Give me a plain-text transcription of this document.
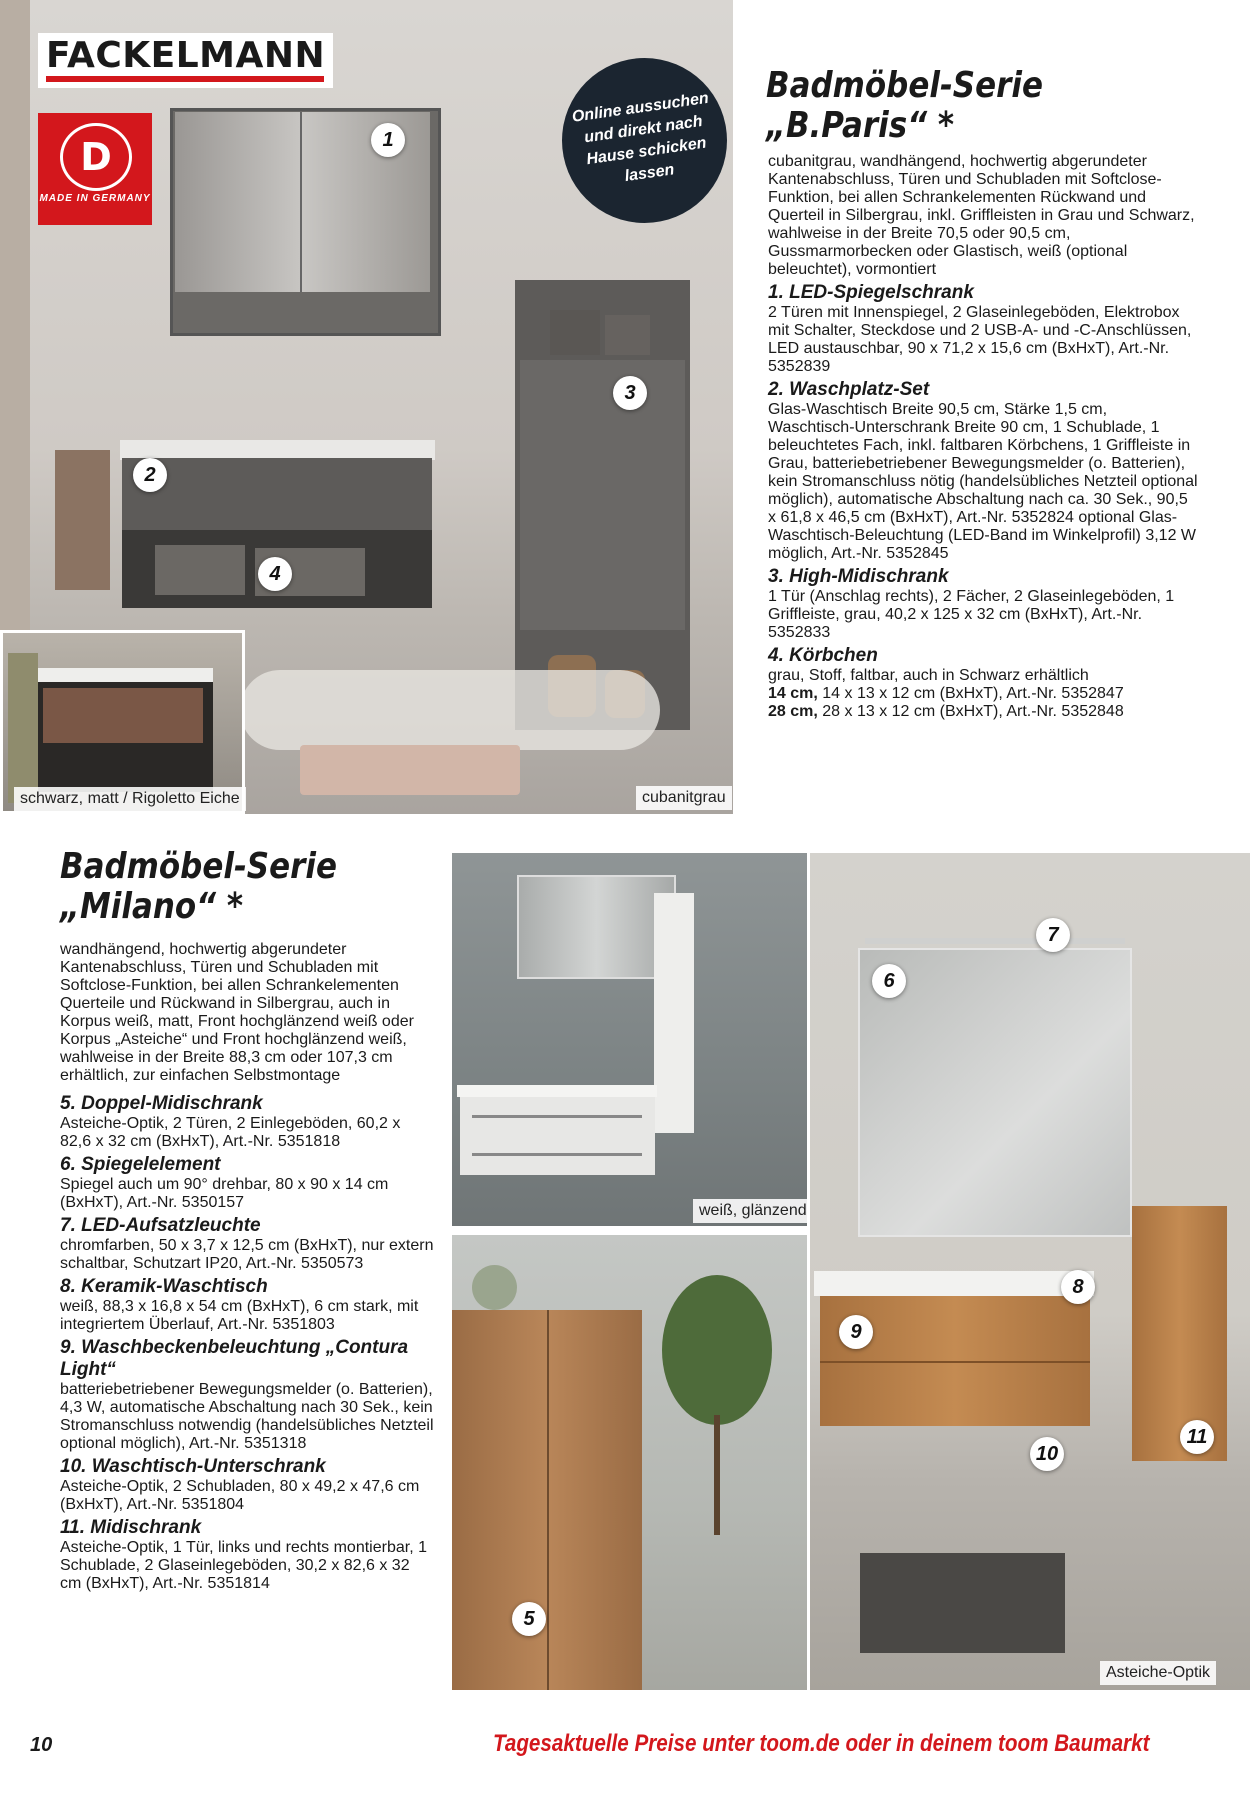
schwarz, matt / Rigoletto Eiche	cubanitgrau
1
2
3
4
FACKELMANN
D
MADE IN GERMANY
Online aussuchen und direkt nach Hause schicken lassen
Badmöbel-Serie
„B.Paris“ *
cubanitgrau, wandhängend, hochwertig abgerundeter Kantenabschluss, Türen und Schubladen mit Softclose-Funktion, bei allen Schrankelementen Rückwand und Querteil in Silbergrau, inkl. Griffleisten in Grau und Schwarz, wahlweise in der Breite 70,5 oder 90,5 cm, Gussmarmorbecken oder Glastisch, weiß (optional beleuchtet), vormontiert
1. LED-Spiegelschrank
2 Türen mit Innenspiegel, 2 Glaseinlegeböden, Elektrobox mit Schalter, Steckdose und 2 USB-A- und -C-Anschlüssen, LED austauschbar, 90 x 71,2 x 15,6 cm (BxHxT), Art.-Nr. 5352839
2. Waschplatz-Set
Glas-Waschtisch Breite 90,5 cm, Stärke 1,5 cm, Waschtisch-Unterschrank Breite 90 cm, 1 Schublade, 1 beleuchtetes Fach, inkl. faltbaren Körbchens, 1 Griffleiste in Grau, batteriebetriebener Bewegungsmelder (o. Batterien), kein Stromanschluss nötig (handelsübliches Netzteil optional möglich), automatische Abschaltung nach ca. 30 Sek., 90,5 x 61,8 x 46,5 cm (BxHxT), Art.-Nr. 5352824 optional Glas-Waschtisch-Beleuchtung (LED-Band im Winkelprofil) 3,12 W möglich, Art.-Nr. 5352845
3. High-Midischrank
1 Tür (Anschlag rechts), 2 Fächer, 2 Glaseinlegeböden, 1 Griffleiste, grau, 40,2 x 125 x 32 cm (BxHxT), Art.-Nr. 5352833
4. Körbchen
grau, Stoff, faltbar, auch in Schwarz erhältlich
14 cm, 14 x 13 x 12 cm (BxHxT), Art.-Nr. 5352847
28 cm, 28 x 13 x 12 cm (BxHxT), Art.-Nr. 5352848
Badmöbel-Serie
„Milano“ *
wandhängend, hochwertig abgerundeter Kantenabschluss, Türen und Schubladen mit Softclose-Funktion, bei allen Schrankelementen Querteile und Rückwand in Silbergrau, auch in Korpus weiß, matt, Front hochglänzend weiß oder Korpus „Asteiche“ und Front hochglänzend weiß, wahlweise in der Breite 88,3 cm oder 107,3 cm erhältlich, zur einfachen Selbstmontage
5. Doppel-Midischrank
Asteiche-Optik, 2 Türen, 2 Einlegeböden, 60,2 x 82,6 x 32 cm (BxHxT), Art.-Nr. 5351818
6. Spiegelelement
Spiegel auch um 90° drehbar, 80 x 90 x 14 cm (BxHxT), Art.-Nr. 5350157
7. LED-Aufsatzleuchte
chromfarben, 50 x 3,7 x 12,5 cm (BxHxT), nur extern schaltbar, Schutzart IP20, Art.-Nr. 5350573
8. Keramik-Waschtisch
weiß, 88,3 x 16,8 x 54 cm (BxHxT), 6 cm stark, mit integriertem Überlauf, Art.-Nr. 5351803
9. Waschbeckenbeleuchtung „Contura Light“
batteriebetriebener Bewegungsmelder (o. Batterien), 4,3 W, automatische Abschaltung nach 30 Sek., kein Stromanschluss notwendig (handelsübliches Netzteil optional möglich), Art.-Nr. 5351318
10. Waschtisch-Unterschrank
Asteiche-Optik, 2 Schubladen, 80 x 49,2 x 47,6 cm (BxHxT), Art.-Nr. 5351804
11. Midischrank
Asteiche-Optik, 1 Tür, links und rechts montierbar, 1 Schublade, 2 Glaseinlegeböden, 30,2 x 82,6 x 32 cm (BxHxT), Art.-Nr. 5351814
weiß, glänzend
Asteiche-Optik
5
6
7
8
9
10
11
10	Tagesaktuelle Preise unter toom.de oder in deinem toom Baumarkt
